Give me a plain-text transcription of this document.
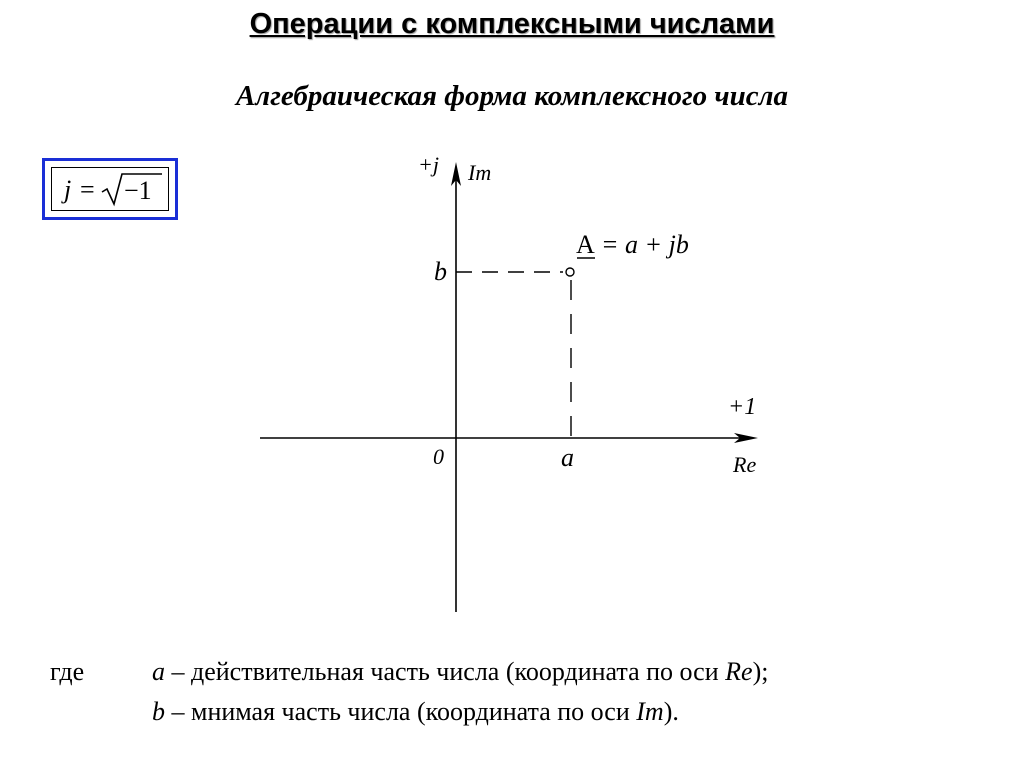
Операции с комплексными числами
Алгебраическая форма комплексного числа
j = −1
+j Im
+1
Re
0	a
b
A = a + jb
где	a – действительная часть числа (координата по оси Re);
b – мнимая часть числа (координата по оси Im).
